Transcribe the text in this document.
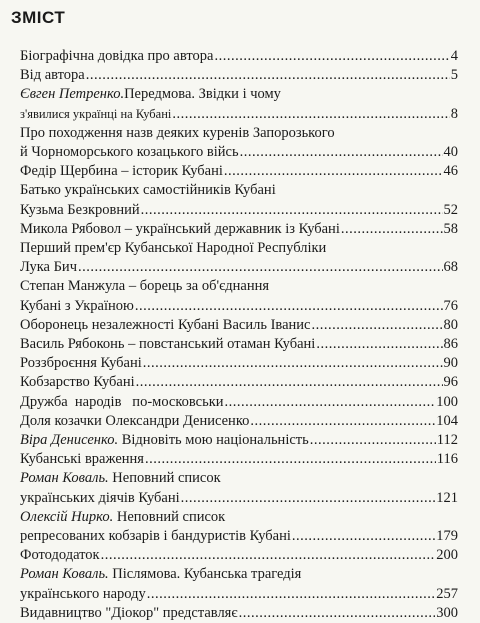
ЗМІСТ
Біографічна довідка про автора .....	4
Від автора .....	5
Євген Петренко. Передмова. Звідки і чому
з'явилися українці на Кубані .....	8
Про походження назв деяких куренів Запорозького
й Чорноморського козацького війсь .....	40
Федір Щербина – історик Кубані .....	46
Батько українських самостійників Кубані
Кузьма Безкровний .....	52
Микола Рябовол – український державник із Кубані .....	58
Перший прем'єр Кубанської Народної Республіки
Лука Бич .....	68
Степан Манжула – борець за об'єднання
Кубані з Україною .....	76
Оборонець незалежності Кубані Василь Іванис .....	80
Василь Рябоконь – повстанський отаман Кубані .....	86
Роззброєння Кубані .....	90
Кобзарство Кубані .....	96
Дружба  народів   по-московськи .....	100
Доля козачки Олександри Денисенко .....	104
Віра Денисенко. Відновіть мою національність .....	112
Кубанські враження .....	116
Роман Коваль. Неповний список
українських діячів Кубані .....	121
Олексій Нирко. Неповний список
репресованих кобзарів і бандуристів Кубані .....	179
Фотододаток .....	200
Роман Коваль. Післямова. Кубанська трагедія
українського народу .....	257
Видавництво "Діокор" представляє .....	300
